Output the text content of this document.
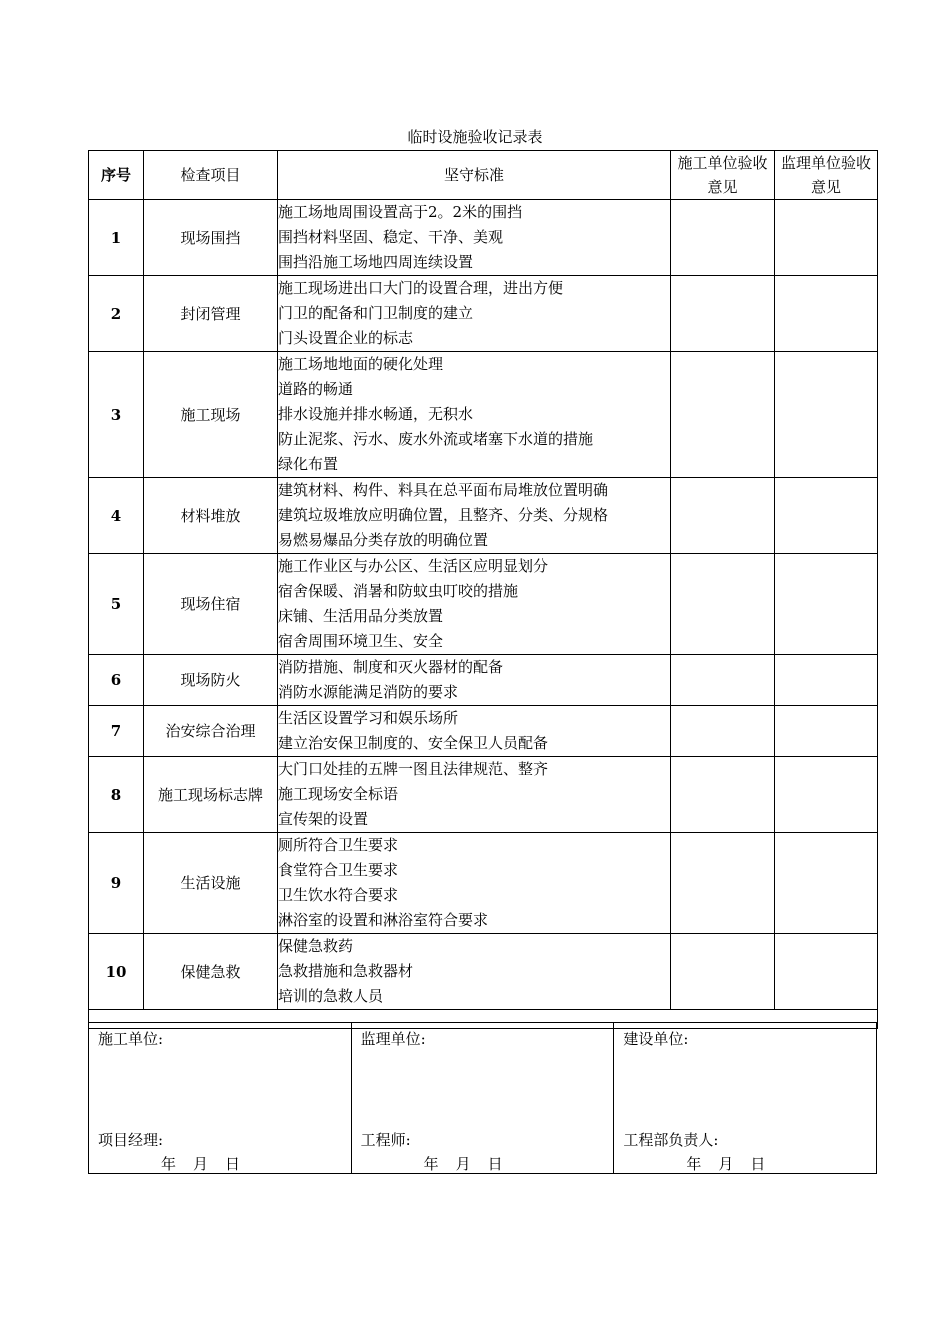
临时设施验收记录表
序号	检查项目	坚守标准	施工单位验收意见	监理单位验收意见
1	现场围挡	施工场地周围设置高于2。2米的围挡
围挡材料坚固、稳定、干净、美观
围挡沿施工场地四周连续设置		

2	封闭管理	施工现场进出口大门的设置合理，进出方便
门卫的配备和门卫制度的建立
门头设置企业的标志		

3	施工现场	施工场地地面的硬化处理
道路的畅通
排水设施并排水畅通，无积水
防止泥浆、污水、废水外流或堵塞下水道的措施
绿化布置		

4	材料堆放	建筑材料、构件、料具在总平面布局堆放位置明确
建筑垃圾堆放应明确位置，且整齐、分类、分规格
易燃易爆品分类存放的明确位置		

5	现场住宿	施工作业区与办公区、生活区应明显划分
宿舍保暖、消暑和防蚊虫叮咬的措施
床铺、生活用品分类放置
宿舍周围环境卫生、安全		

6	现场防火	消防措施、制度和灭火器材的配备
消防水源能满足消防的要求		

7	治安综合治理	生活区设置学习和娱乐场所
建立治安保卫制度的、安全保卫人员配备		

8	施工现场标志牌	大门口处挂的五牌一图且法律规范、整齐
施工现场安全标语
宣传架的设置		

9	生活设施	厕所符合卫生要求
食堂符合卫生要求
卫生饮水符合要求
淋浴室的设置和淋浴室符合要求		

10	保健急救	保健急救药
急救措施和急救器材
培训的急救人员		

施工单位:
项目经理:
年　月　日

监理单位:
工程师:
年　月　日

建设单位:
工程部负责人:
年　月　日
